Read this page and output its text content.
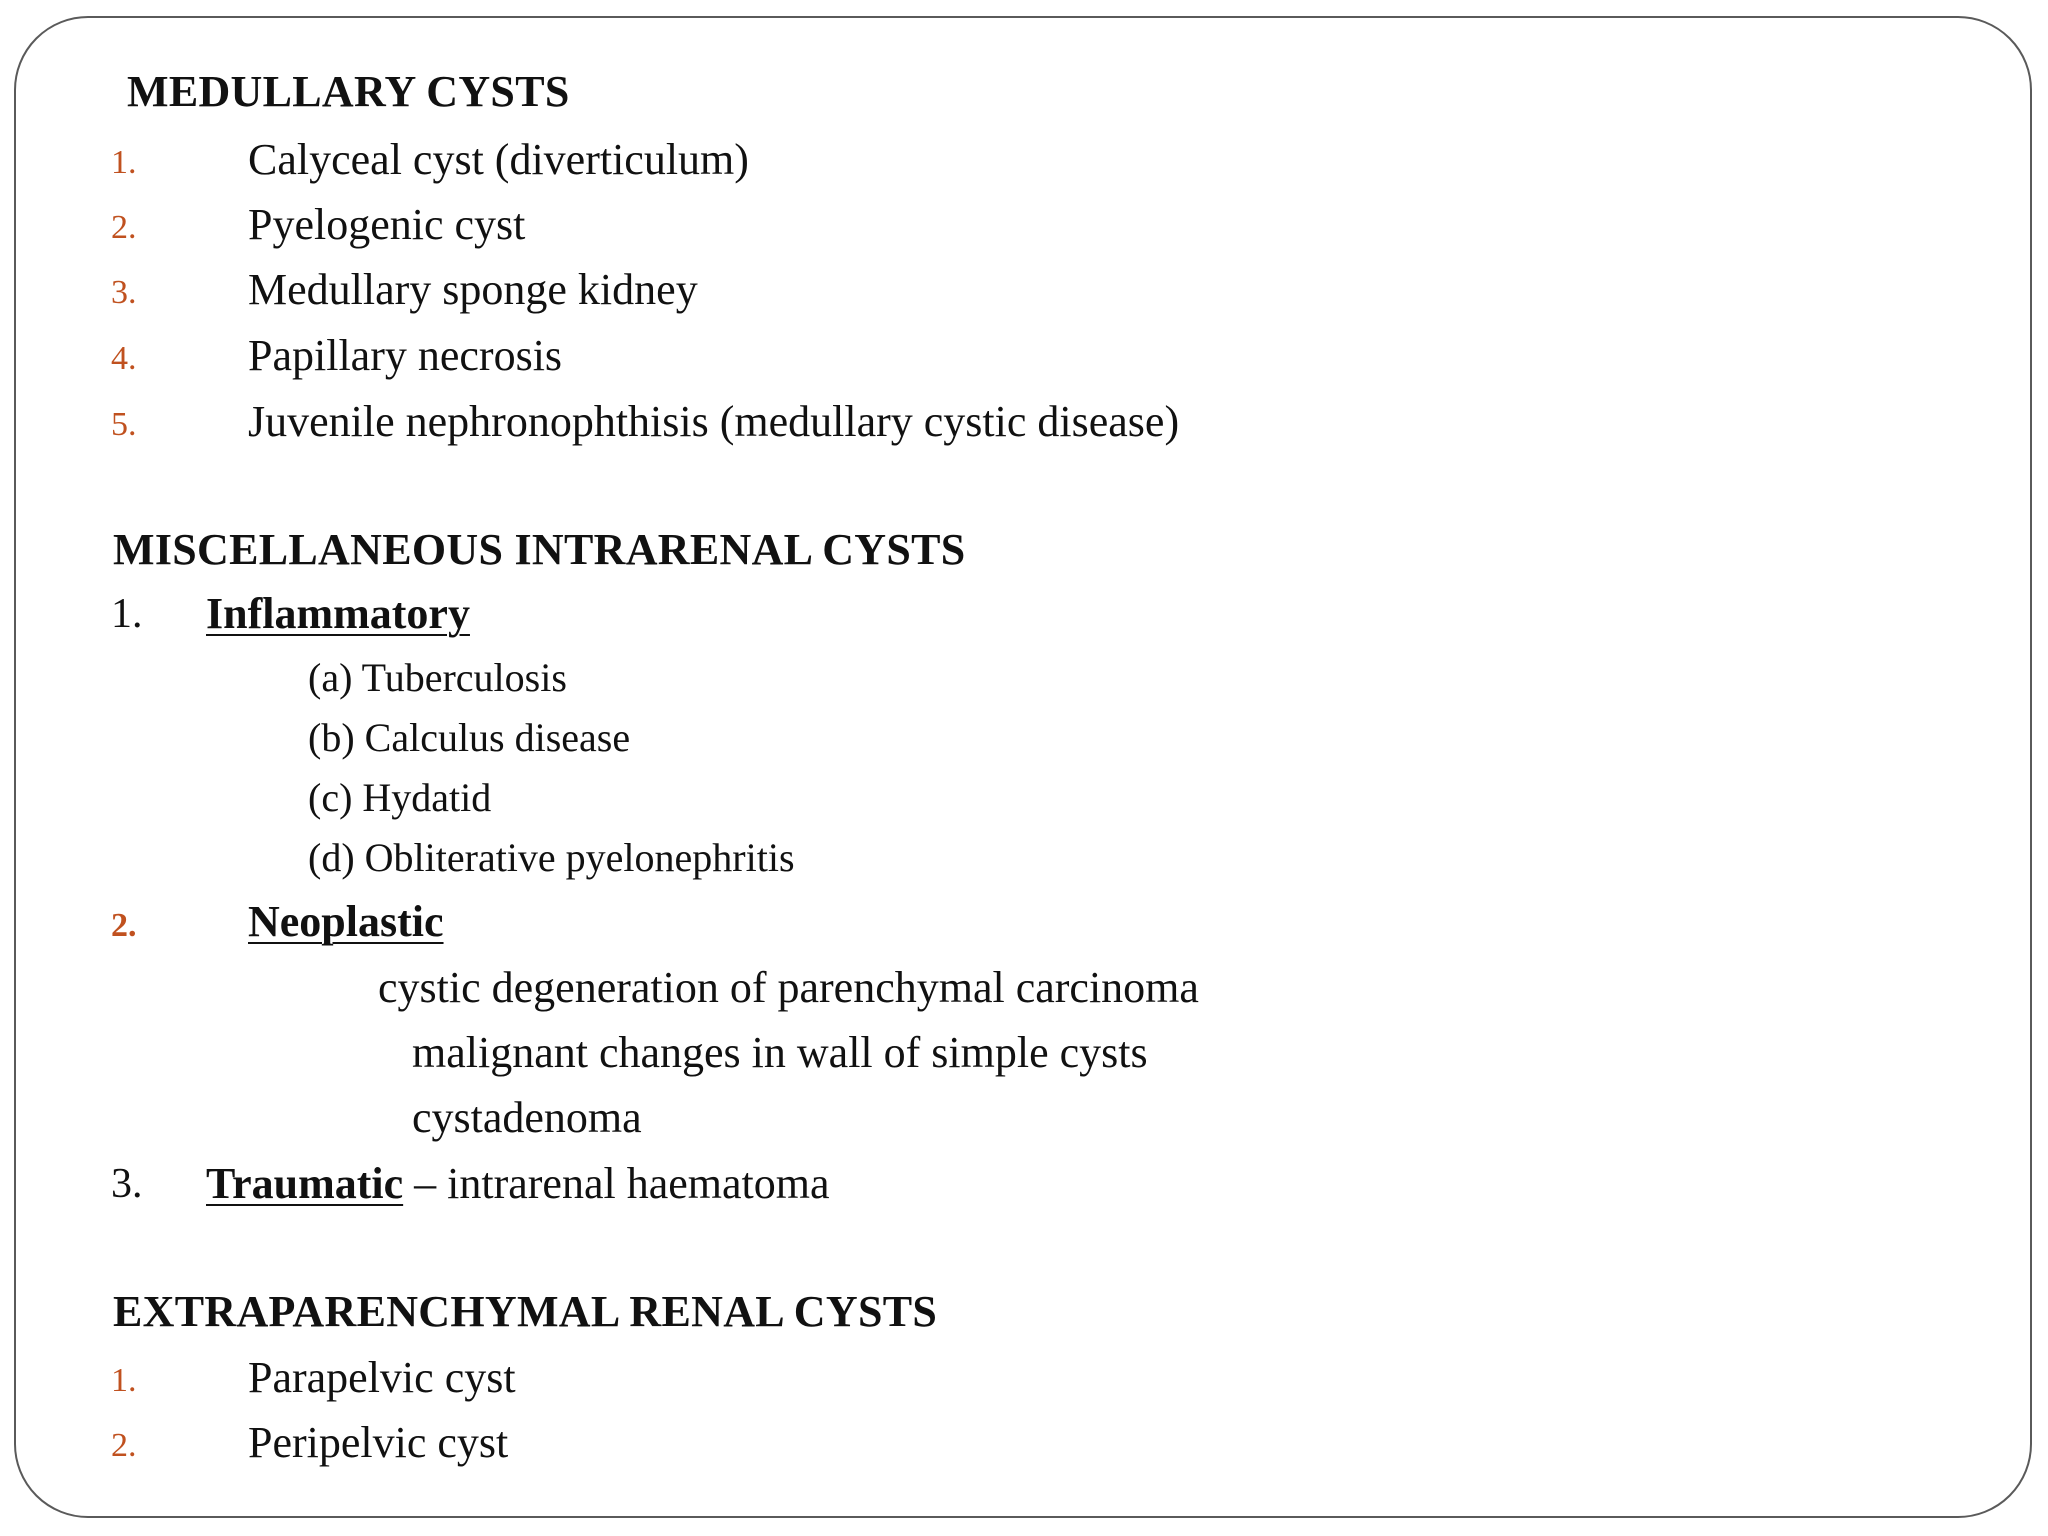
MEDULLARY CYSTS
1.	Calyceal cyst (diverticulum)
2.	Pyelogenic cyst
3.	Medullary sponge kidney
4.	Papillary necrosis
5.	Juvenile nephronophthisis (medullary cystic disease)
MISCELLANEOUS INTRARENAL CYSTS
1. Inflammatory
(a) Tuberculosis
(b) Calculus disease
(c) Hydatid
(d) Obliterative pyelonephritis
2.	Neoplastic
cystic degeneration of parenchymal carcinoma
malignant changes in wall of simple cysts
cystadenoma
3. Traumatic – intrarenal haematoma
EXTRAPARENCHYMAL RENAL CYSTS
1.	Parapelvic cyst
2.	Peripelvic cyst
